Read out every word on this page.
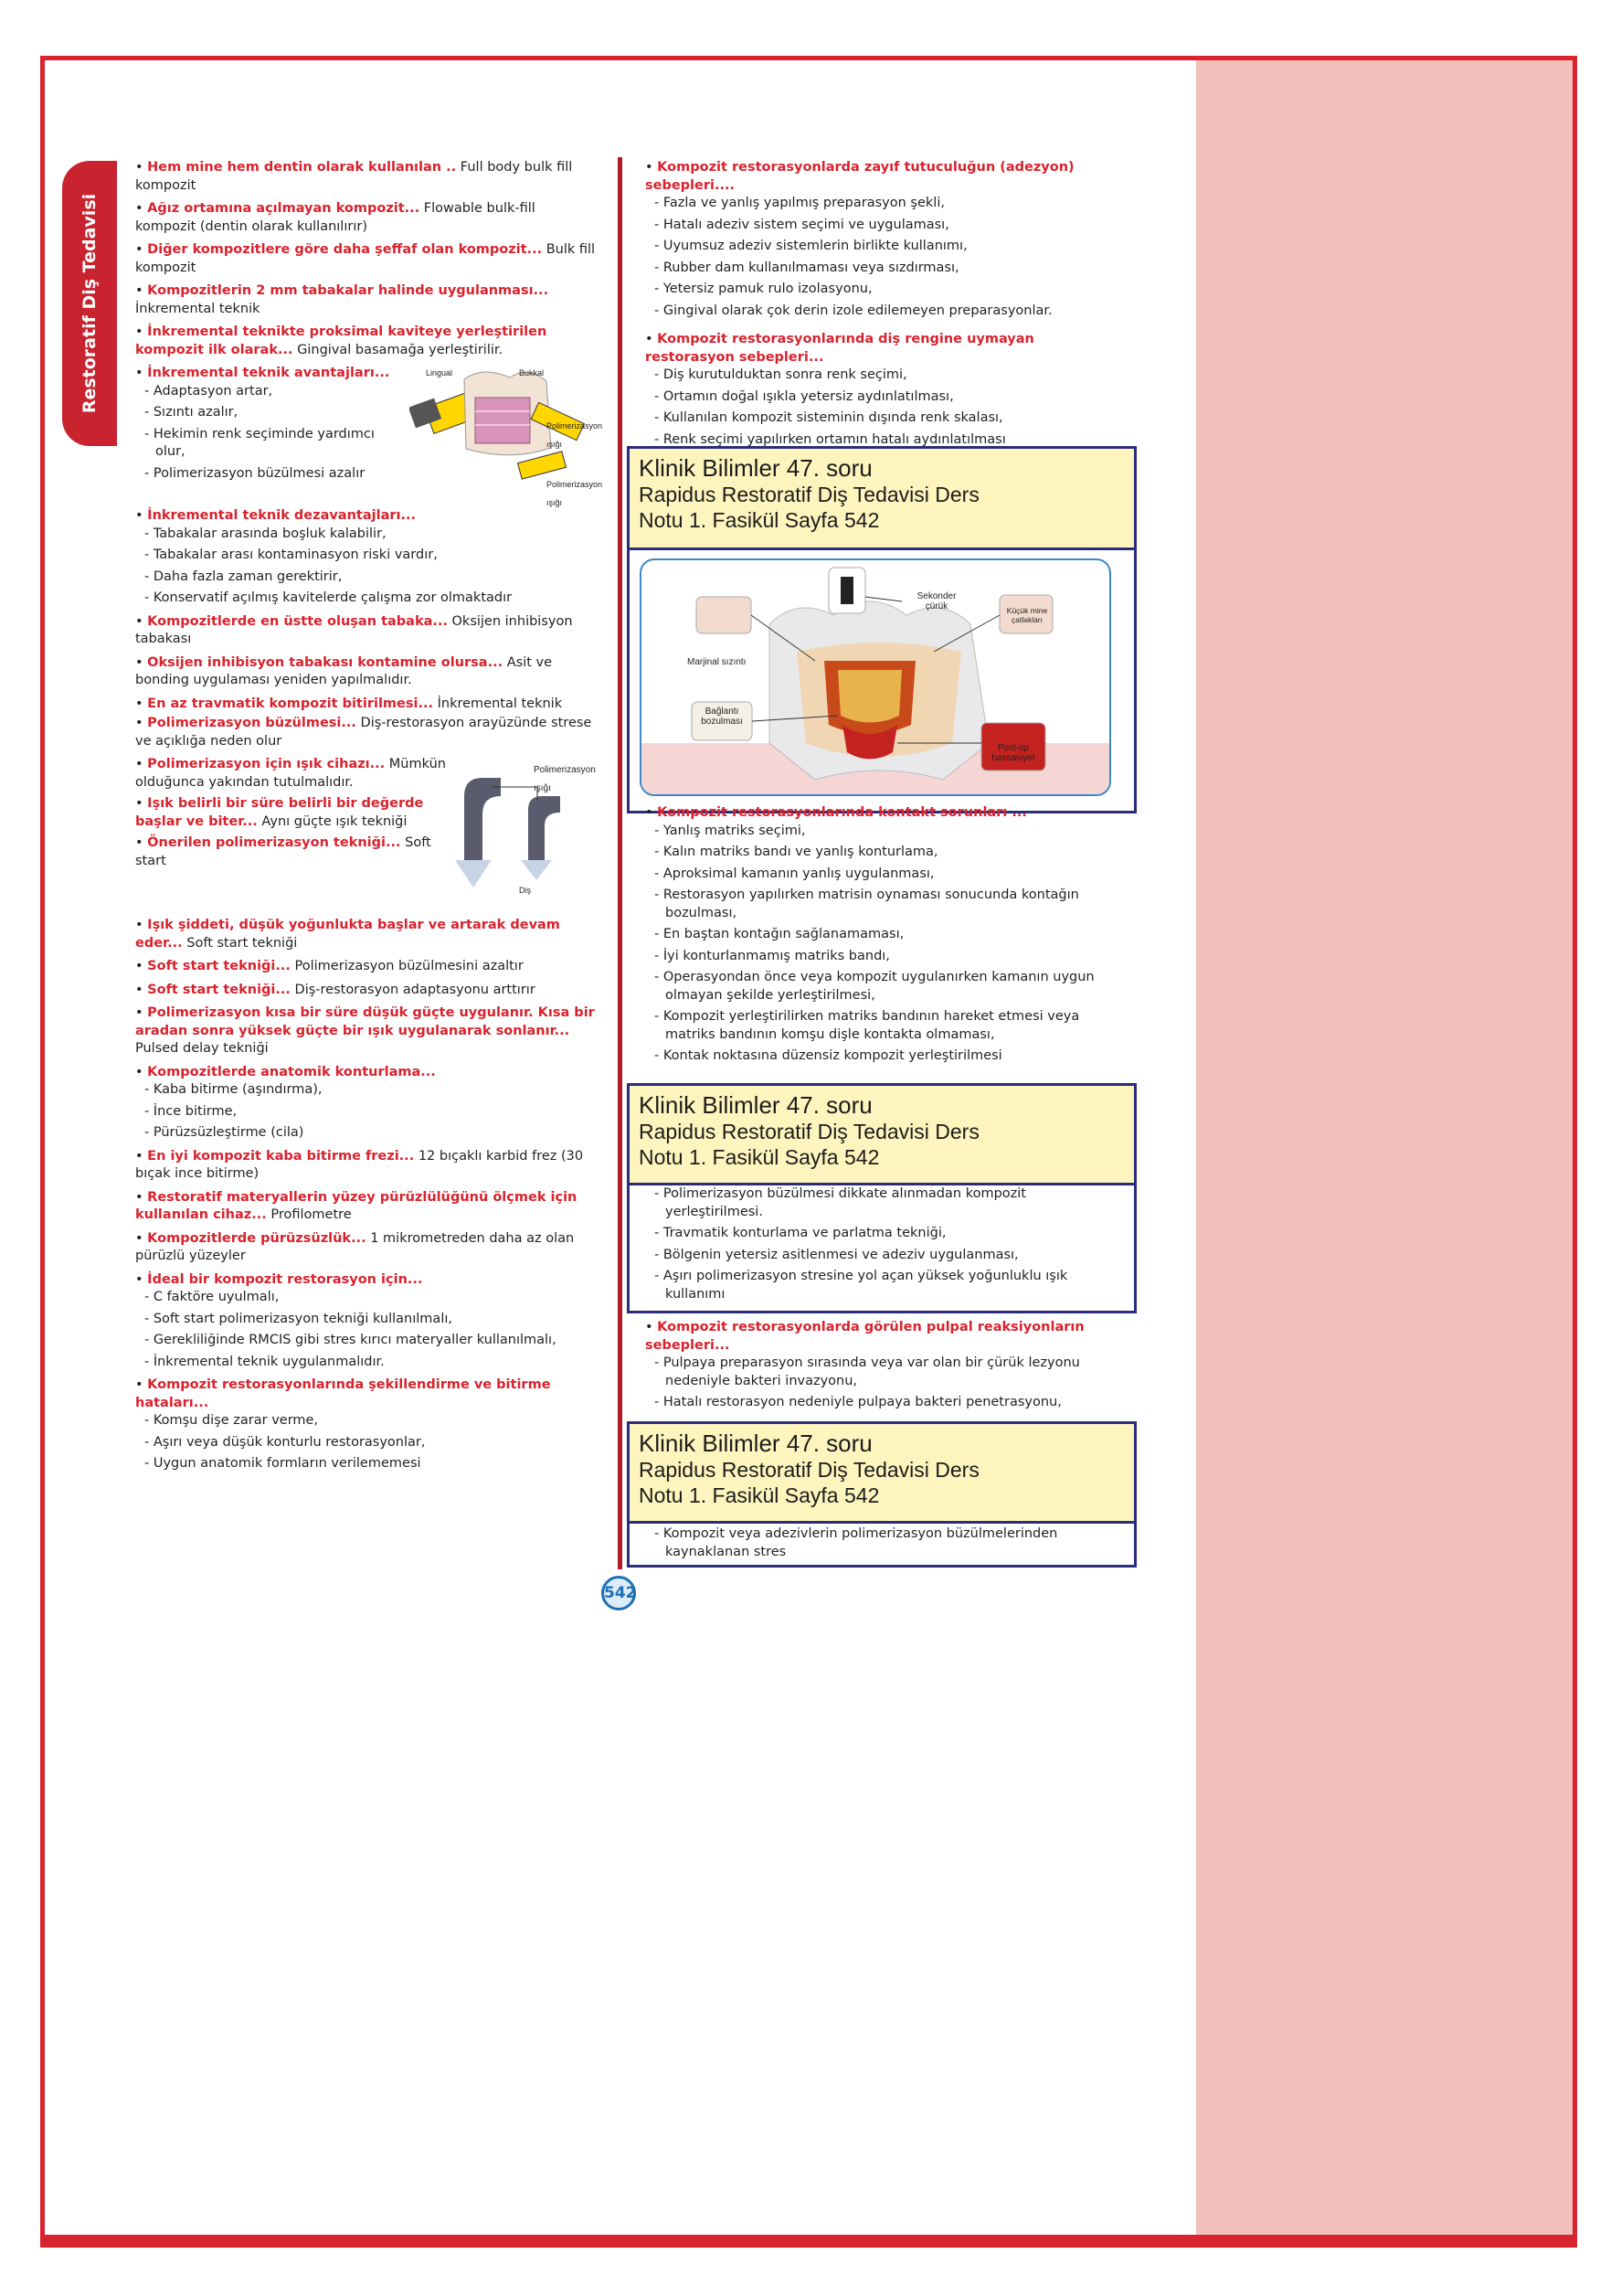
Restoratif Diş Tedavisi
542
• Hem mine hem dentin olarak kullanılan .. Full body bulk fill kompozit
• Ağız ortamına açılmayan kompozit... Flowable bulk-fill kompozit (dentin olarak kullanılırır)
• Diğer kompozitlere göre daha şeffaf olan kompozit... Bulk fill kompozit
• Kompozitlerin 2 mm tabakalar halinde uygulanması... İnkremental teknik
• İnkremental teknikte proksimal kaviteye yerleştirilen kompozit ilk olarak... Gingival basamağa yerleştirilir.
• İnkremental teknik avantajları...
- Adaptasyon artar,
- Sızıntı azalır,
- Hekimin renk seçiminde yardımcı olur,
- Polimerizasyon büzülmesi azalır
Lingual	Bukkal
Polimerizasyon ışığı
Polimerizasyon ışığı
• İnkremental teknik dezavantajları...
- Tabakalar arasında boşluk kalabilir,
- Tabakalar arası kontaminasyon riski vardır,
- Daha fazla zaman gerektirir,
- Konservatif açılmış kavitelerde çalışma zor olmaktadır
• Kompozitlerde en üstte oluşan tabaka... Oksijen inhibisyon tabakası
• Oksijen inhibisyon tabakası kontamine olursa... Asit ve bonding uygulaması yeniden yapılmalıdır.
• En az travmatik kompozit bitirilmesi... İnkremental teknik
• Polimerizasyon büzülmesi... Diş-restorasyon arayüzünde strese ve açıklığa neden olur
• Polimerizasyon için ışık cihazı... Mümkün olduğunca yakından tutulmalıdır.
• Işık belirli bir süre belirli bir değerde başlar ve biter... Aynı güçte ışık tekniği
• Önerilen polimerizasyon tekniği... Soft start
Polimerizasyon ışığı
Diş
• Işık şiddeti, düşük yoğunlukta başlar ve artarak devam eder... Soft start tekniği
• Soft start tekniği... Polimerizasyon büzülmesini azaltır
• Soft start tekniği... Diş-restorasyon adaptasyonu arttırır
• Polimerizasyon kısa bir süre düşük güçte uygulanır. Kısa bir aradan sonra yüksek güçte bir ışık uygulanarak sonlanır... Pulsed delay tekniği
• Kompozitlerde anatomik konturlama...
- Kaba bitirme (aşındırma),
- İnce bitirme,
- Pürüzsüzleştirme (cila)
• En iyi kompozit kaba bitirme frezi... 12 bıçaklı karbid frez (30 bıçak ince bitirme)
• Restoratif materyallerin yüzey pürüzlülüğünü ölçmek için kullanılan cihaz... Profilometre
• Kompozitlerde pürüzsüzlük... 1 mikrometreden daha az olan pürüzlü yüzeyler
• İdeal bir kompozit restorasyon için...
- C faktöre uyulmalı,
- Soft start polimerizasyon tekniği kullanılmalı,
- Gerekliliğinde RMCIS gibi stres kırıcı materyaller kullanılmalı,
- İnkremental teknik uygulanmalıdır.
• Kompozit restorasyonlarında şekillendirme ve bitirme hataları...
- Komşu dişe zarar verme,
- Aşırı veya düşük konturlu restorasyonlar,
- Uygun anatomik formların verilememesi
• Kompozit restorasyonlarda zayıf tutuculuğun (adezyon) sebepleri....
- Fazla ve yanlış yapılmış preparasyon şekli,
- Hatalı adeziv sistem seçimi ve uygulaması,
- Uyumsuz adeziv sistemlerin birlikte kullanımı,
- Rubber dam kullanılmaması veya sızdırması,
- Yetersiz pamuk rulo izolasyonu,
- Gingival olarak çok derin izole edilemeyen preparasyonlar.
• Kompozit restorasyonlarında diş rengine uymayan restorasyon sebepleri...
- Diş kurutulduktan sonra renk seçimi,
- Ortamın doğal ışıkla yetersiz aydınlatılması,
- Kullanılan kompozit sisteminin dışında renk skalası,
- Renk seçimi yapılırken ortamın hatalı aydınlatılması
Sekonder çürük	Küçük mine çatlakları
Marjinal sızıntı
Bağlantı bozulması
Post-op hassasiyet
Klinik Bilimler 47. soru
Rapidus Restoratif Diş Tedavisi Ders
Notu 1. Fasikül Sayfa 542
• Kompozit restorasyonlarında kontakt sorunları ...
- Yanlış matriks seçimi,
- Kalın matriks bandı ve yanlış konturlama,
- Aproksimal kamanın yanlış uygulanması,
- Restorasyon yapılırken matrisin oynaması sonucunda kontağın bozulması,
- En baştan kontağın sağlanamaması,
- İyi konturlanmamış matriks bandı,
- Operasyondan önce veya kompozit uygulanırken kamanın uygun olmayan şekilde yerleştirilmesi,
- Kompozit yerleştirilirken matriks bandının hareket etmesi veya matriks bandının komşu dişle kontakta olmaması,
- Kontak noktasına düzensiz kompozit yerleştirilmesi
Klinik Bilimler 47. soru
Rapidus Restoratif Diş Tedavisi Ders
Notu 1. Fasikül Sayfa 542
- Polimerizasyon büzülmesi dikkate alınmadan kompozit yerleştirilmesi.
- Travmatik konturlama ve parlatma tekniği,
- Bölgenin yetersiz asitlenmesi ve adeziv uygulanması,
- Aşırı polimerizasyon stresine yol açan yüksek yoğunluklu ışık kullanımı
• Kompozit restorasyonlarda görülen pulpal reaksiyonların sebepleri...
- Pulpaya preparasyon sırasında veya var olan bir çürük lezyonu nedeniyle bakteri invazyonu,
- Hatalı restorasyon nedeniyle pulpaya bakteri penetrasyonu,
Klinik Bilimler 47. soru
Rapidus Restoratif Diş Tedavisi Ders
Notu 1. Fasikül Sayfa 542
- Kompozit veya adezivlerin polimerizasyon büzülmelerinden kaynaklanan stres
